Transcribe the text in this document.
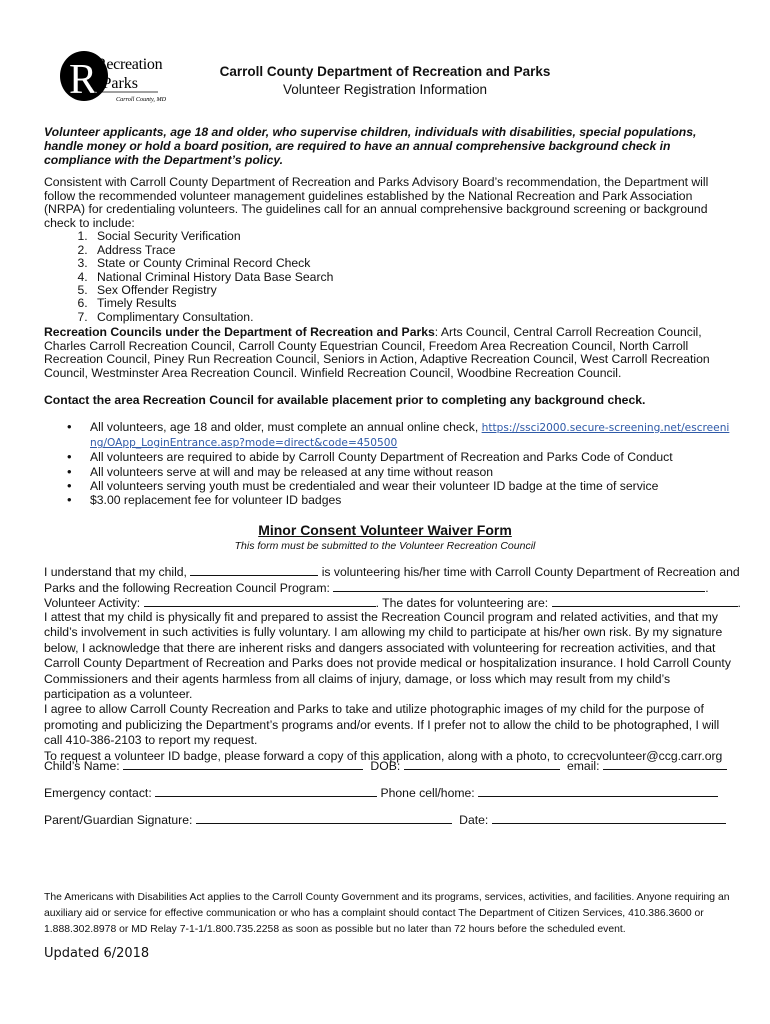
R
Recreation
&Parks
Carroll County, MD
Carroll County Department of Recreation and Parks
Volunteer Registration Information
Volunteer applicants, age 18 and older, who supervise children, individuals with disabilities, special populations, handle money or hold a board position, are required to have an annual comprehensive background check in compliance with the Department’s policy.
Consistent with Carroll County Department of Recreation and Parks Advisory Board’s recommendation, the Department will follow the recommended volunteer management guidelines established by the National Recreation and Park Association (NRPA) for credentialing volunteers. The guidelines call for an annual comprehensive background screening or background check to include:
1. Social Security Verification
2. Address Trace
3. State or County Criminal Record Check
4. National Criminal History Data Base Search
5. Sex Offender Registry
6. Timely Results
7. Complimentary Consultation.
Recreation Councils under the Department of Recreation and Parks: Arts Council, Central Carroll Recreation Council, Charles Carroll Recreation Council, Carroll County Equestrian Council, Freedom Area Recreation Council, North Carroll Recreation Council, Piney Run Recreation Council, Seniors in Action, Adaptive Recreation Council, West Carroll Recreation Council, Westminster Area Recreation Council. Winfield Recreation Council, Woodbine Recreation Council.
Contact the area Recreation Council for available placement prior to completing any background check.
• All volunteers, age 18 and older, must complete an annual online check, https://ssci2000.secure-screening.net/escreening/OApp_LoginEntrance.asp?mode=direct&code=450500
• All volunteers are required to abide by Carroll County Department of Recreation and Parks Code of Conduct
• All volunteers serve at will and may be released at any time without reason
• All volunteers serving youth must be credentialed and wear their volunteer ID badge at the time of service
• $3.00 replacement fee for volunteer ID badges
Minor Consent Volunteer Waiver Form
This form must be submitted to the Volunteer Recreation Council
I understand that my child,	is volunteering his/her time with Carroll County Department of Recreation and
Parks and the following Recreation Council Program:	.
Volunteer Activity:	. The dates for volunteering are:	.
I attest that my child is physically fit and prepared to assist the Recreation Council program and related activities, and that my child’s involvement in such activities is fully voluntary. I am allowing my child to participate at his/her own risk. By my signature below, I acknowledge that there are inherent risks and dangers associated with volunteering for recreation activities, and that Carroll County Department of Recreation and Parks does not provide medical or hospitalization insurance. I hold Carroll County Commissioners and their agents harmless from all claims of injury, damage, or loss which may result from my child’s participation as a volunteer.
I agree to allow Carroll County Recreation and Parks to take and utilize photographic images of my child for the purpose of promoting and publicizing the Department’s programs and/or events. If I prefer not to allow the child to be photographed, I will call 410-386-2103 to report my request.
To request a volunteer ID badge, please forward a copy of this application, along with a photo, to ccrecvolunteer@ccg.carr.org
Child’s Name:	DOB:	email:
Emergency contact:	Phone cell/home:
Parent/Guardian Signature:	Date:
The Americans with Disabilities Act applies to the Carroll County Government and its programs, services, activities, and facilities. Anyone requiring an auxiliary aid or service for effective communication or who has a complaint should contact The Department of Citizen Services, 410.386.3600 or 1.888.302.8978 or MD Relay 7-1-1/1.800.735.2258 as soon as possible but no later than 72 hours before the scheduled event.
Updated 6/2018
